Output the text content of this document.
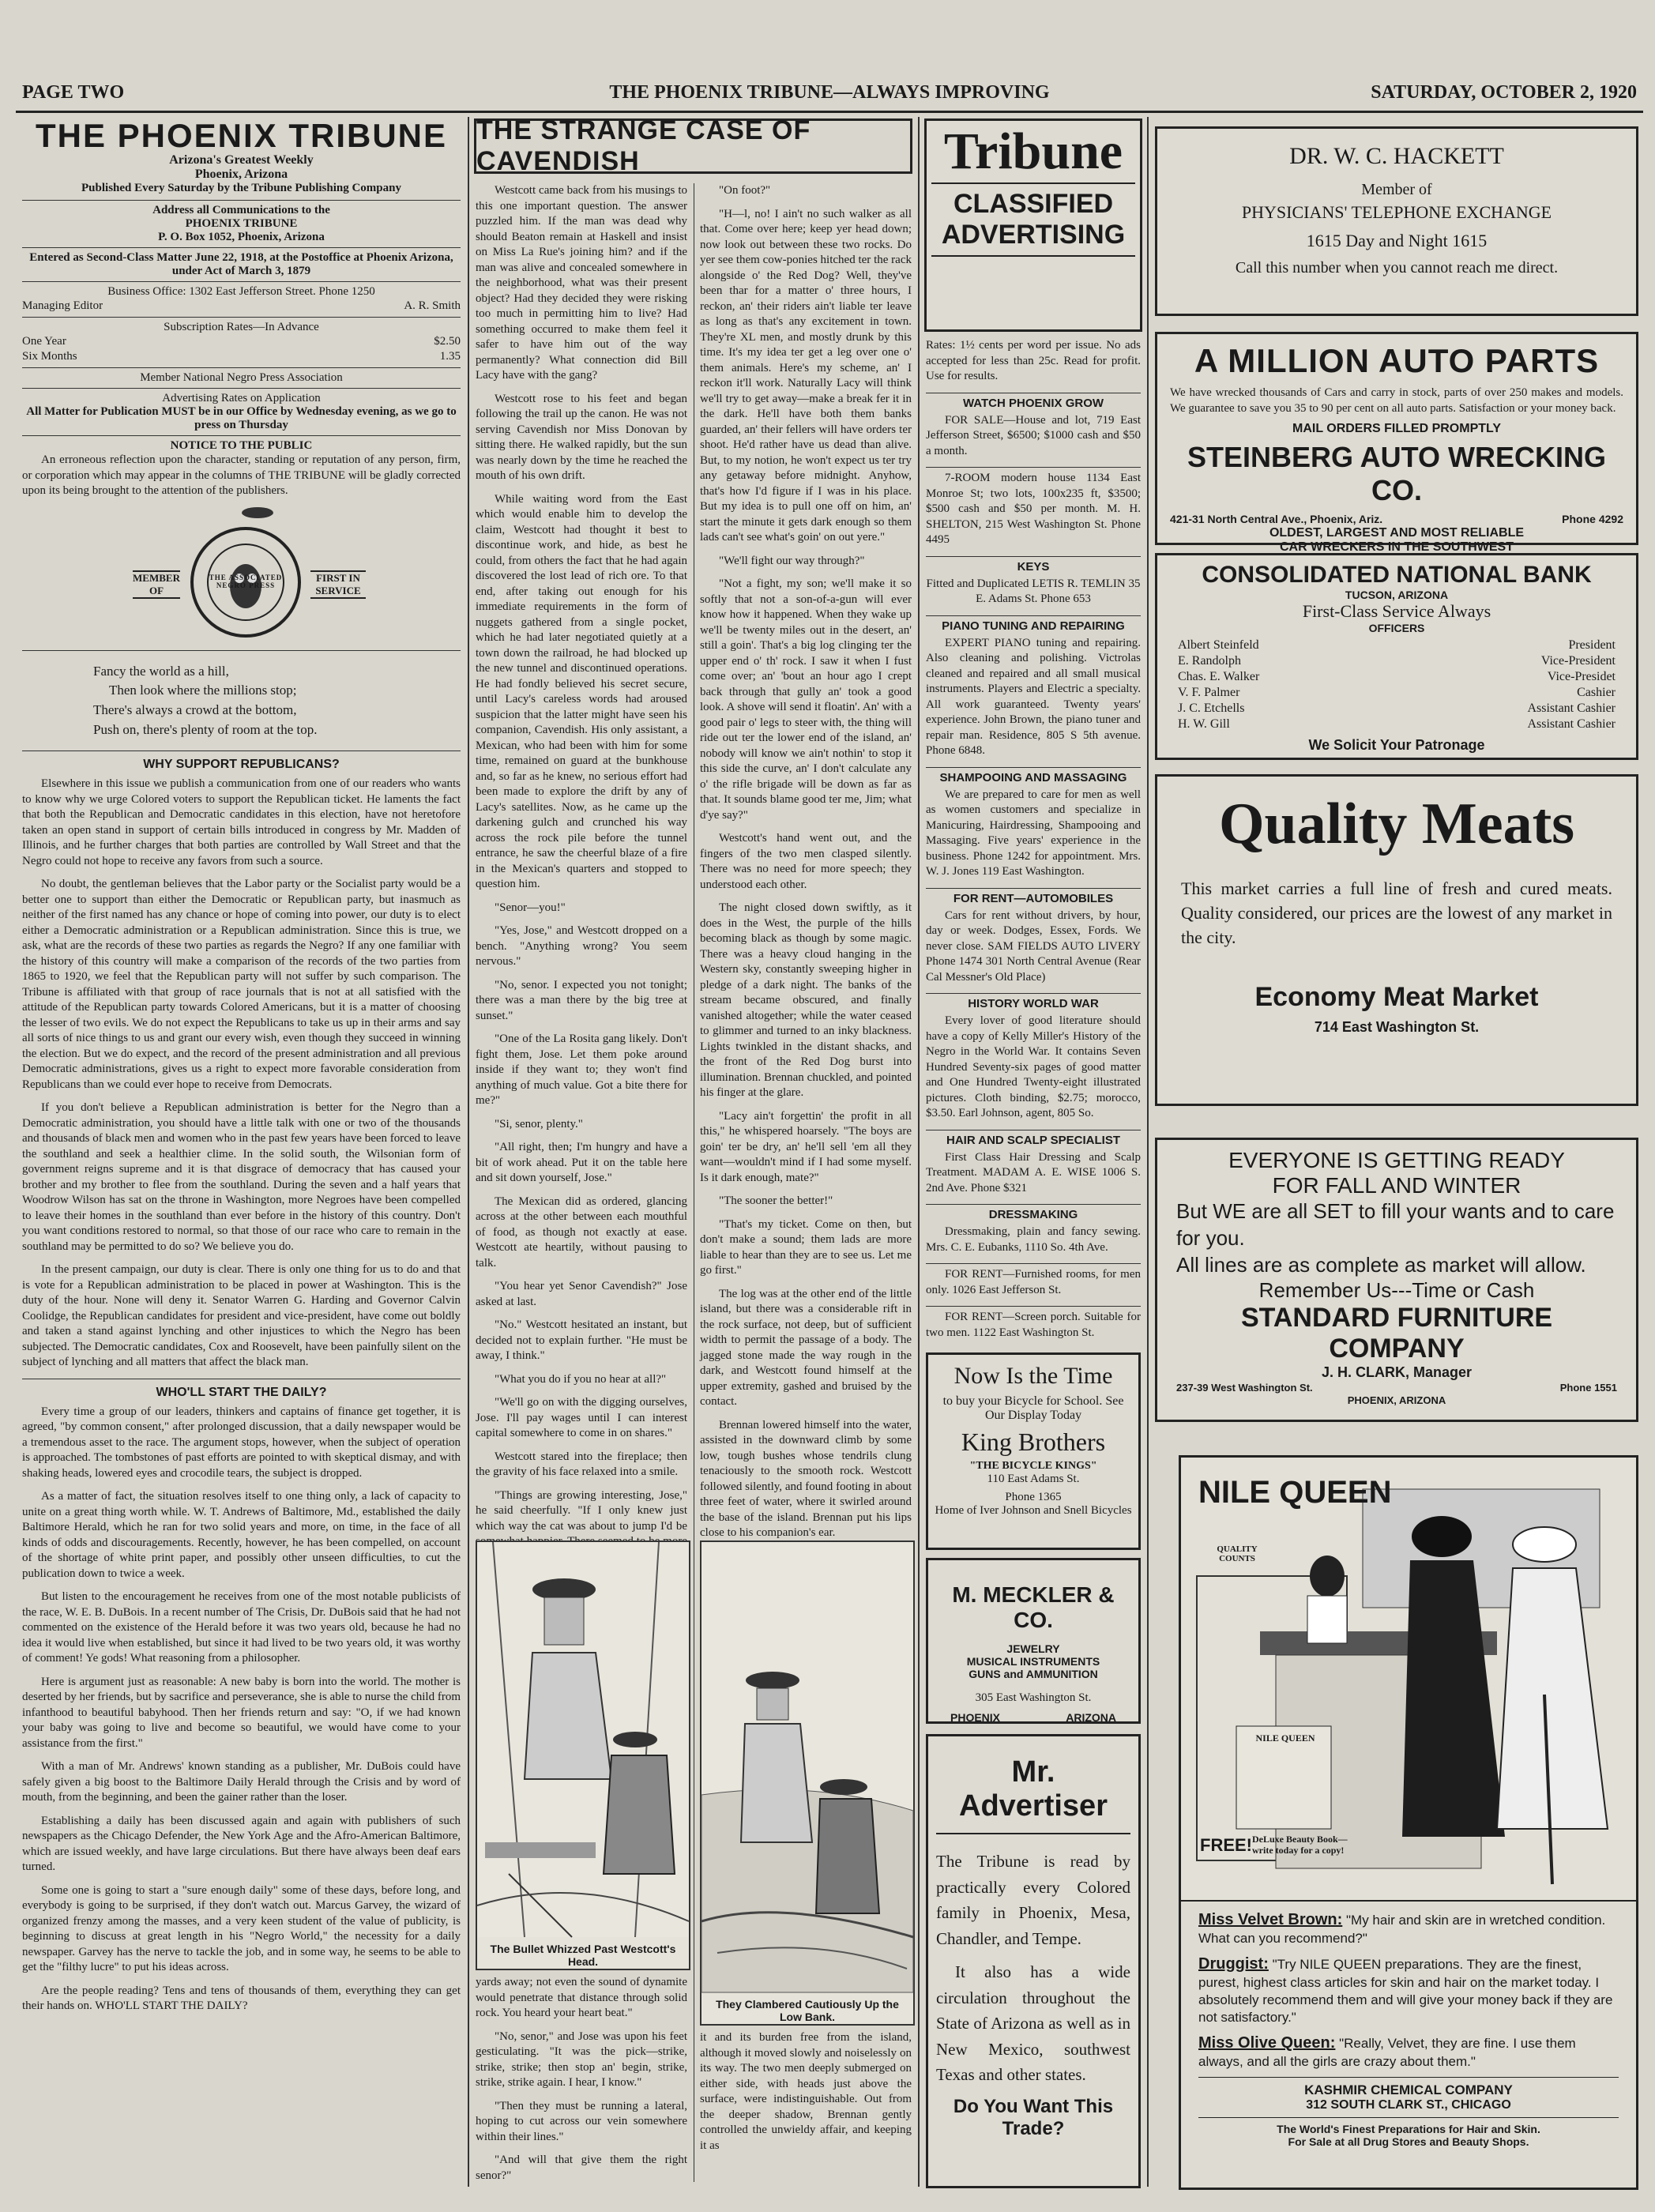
PAGE TWO	THE PHOENIX TRIBUNE—ALWAYS IMPROVING	SATURDAY, OCTOBER 2, 1920
THE PHOENIX TRIBUNE
Arizona's Greatest Weekly
Phoenix, Arizona
Published Every Saturday by the Tribune Publishing Company
Address all Communications to the
PHOENIX TRIBUNE
P. O. Box 1052, Phoenix, Arizona
Entered as Second-Class Matter June 22, 1918, at the Postoffice at Phoenix Arizona, under Act of March 3, 1879
Business Office: 1302 East Jefferson Street. Phone 1250
Managing Editor	A. R. Smith
Subscription Rates—In Advance
One Year	$2.50
Six Months	1.35
Member National Negro Press Association
Advertising Rates on Application
All Matter for Publication MUST be in our Office by Wednesday evening, as we go to press on Thursday
NOTICE TO THE PUBLIC

An erroneous reflection upon the character, standing or reputation of any person, firm, or corporation which may appear in the columns of THE TRIBUNE will be gladly corrected upon its being brought to the attention of the publishers.

THE ASSOCIATED NEGRO PRESS
MEMBER OF
FIRST IN SERVICE
Fancy the world as a hill,
Then look where the millions stop;
There's always a crowd at the bottom,
Push on, there's plenty of room at the top.
WHY SUPPORT REPUBLICANS?

Elsewhere in this issue we publish a communication from one of our readers who wants to know why we urge Colored voters to support the Republican ticket. He laments the fact that both the Republican and Democratic candidates in this election, have not heretofore taken an open stand in support of certain bills introduced in congress by Mr. Madden of Illinois, and he further charges that both parties are controlled by Wall Street and that the Negro could not hope to receive any favors from such a source.

No doubt, the gentleman believes that the Labor party or the Socialist party would be a better one to support than either the Democratic or Republican party, but inasmuch as neither of the first named has any chance or hope of coming into power, our duty is to elect either a Democratic administration or a Republican administration. Since this is true, we ask, what are the records of these two parties as regards the Negro? If any one familiar with the history of this country will make a comparison of the records of the two parties from 1865 to 1920, we feel that the Republican party will not suffer by such comparison. The Tribune is affiliated with that group of race journals that is not at all satisfied with the attitude of the Republican party towards Colored Americans, but it is a matter of choosing the lesser of two evils. We do not expect the Republicans to take us up in their arms and say all sorts of nice things to us and grant our every wish, even though they succeed in winning the election. But we do expect, and the record of the present administration and all previous Democratic administrations, gives us a right to expect more favorable consideration from Republicans than we could ever hope to receive from Democrats.

If you don't believe a Republican administration is better for the Negro than a Democratic administration, you should have a little talk with one or two of the thousands and thousands of black men and women who in the past few years have been forced to leave the southland and seek a healthier clime. In the solid south, the Wilsonian form of government reigns supreme and it is that disgrace of democracy that has caused your brother and my brother to flee from the southland. During the seven and a half years that Woodrow Wilson has sat on the throne in Washington, more Negroes have been compelled to leave their homes in the southland than ever before in the history of this country. Don't you want conditions restored to normal, so that those of our race who care to remain in the southland may be permitted to do so? We believe you do.

In the present campaign, our duty is clear. There is only one thing for us to do and that is vote for a Republican administration to be placed in power at Washington. This is the duty of the hour. None will deny it. Senator Warren G. Harding and Governor Calvin Coolidge, the Republican candidates for president and vice-president, have come out boldly and taken a stand against lynching and other injustices to which the Negro has been subjected. The Democratic candidates, Cox and Roosevelt, have been painfully silent on the subject of lynching and all matters that affect the black man.

WHO'LL START THE DAILY?

Every time a group of our leaders, thinkers and captains of finance get together, it is agreed, "by common consent," after prolonged discussion, that a daily newspaper would be a tremendous asset to the race. The argument stops, however, when the subject of operation is approached. The tombstones of past efforts are pointed to with skeptical dismay, and with shaking heads, lowered eyes and crocodile tears, the subject is dropped.

As a matter of fact, the situation resolves itself to one thing only, a lack of capacity to unite on a great thing worth while. W. T. Andrews of Baltimore, Md., established the daily Baltimore Herald, which he ran for two solid years and more, on time, in the face of all kinds of odds and discouragements. Recently, however, he has been compelled, on account of the shortage of white print paper, and possibly other unseen difficulties, to cut the publication down to twice a week.

But listen to the encouragement he receives from one of the most notable publicists of the race, W. E. B. DuBois. In a recent number of The Crisis, Dr. DuBois said that he had not commented on the existence of the Herald before it was two years old, because he had no idea it would live when established, but since it had lived to be two years old, it was worthy of comment! Ye gods! What reasoning from a philosopher.

Here is argument just as reasonable: A new baby is born into the world. The mother is deserted by her friends, but by sacrifice and perseverance, she is able to nurse the child from infanthood to beautiful babyhood. Then her friends return and say: "O, if we had known your baby was going to live and become so beautiful, we would have come to your assistance from the first."

With a man of Mr. Andrews' known standing as a publisher, Mr. DuBois could have safely given a big boost to the Baltimore Daily Herald through the Crisis and by word of mouth, from the beginning, and been the gainer rather than the loser.

Establishing a daily has been discussed again and again with publishers of such newspapers as the Chicago Defender, the New York Age and the Afro-American Baltimore, which are issued weekly, and have large circulations. But there have always been deaf ears turned.

Some one is going to start a "sure enough daily" some of these days, before long, and everybody is going to be surprised, if they don't watch out. Marcus Garvey, the wizard of organized frenzy among the masses, and a very keen student of the value of publicity, is beginning to discuss at great length in his "Negro World," the necessity for a daily newspaper. Garvey has the nerve to tackle the job, and in some way, he seems to be able to get the "filthy lucre" to put his ideas across.

Are the people reading? Tens and tens of thousands of them, everything they can get their hands on. WHO'LL START THE DAILY?

THE STRANGE CASE OF CAVENDISH

Westcott came back from his musings to this one important question. The answer puzzled him. If the man was dead why should Beaton remain at Haskell and insist on Miss La Rue's joining him? and if the man was alive and concealed somewhere in the neighborhood, what was their present object? Had they decided they were risking too much in permitting him to live? Had something occurred to make them feel it safer to have him out of the way permanently? What connection did Bill Lacy have with the gang?

Westcott rose to his feet and began following the trail up the canon. He was not serving Cavendish nor Miss Donovan by sitting there. He walked rapidly, but the sun was nearly down by the time he reached the mouth of his own drift.

While waiting word from the East which would enable him to develop the claim, Westcott had thought it best to discontinue work, and hide, as best he could, from others the fact that he had again discovered the lost lead of rich ore. To that end, after taking out enough for his immediate requirements in the form of nuggets gathered from a single pocket, which he had later negotiated quietly at a town down the railroad, he had blocked up the new tunnel and discontinued operations. He had fondly believed his secret secure, until Lacy's careless words had aroused suspicion that the latter might have seen his companion, Cavendish. His only assistant, a Mexican, who had been with him for some time, remained on guard at the bunkhouse and, so far as he knew, no serious effort had been made to explore the drift by any of Lacy's satellites. Now, as he came up the darkening gulch and crunched his way across the rock pile before the tunnel entrance, he saw the cheerful blaze of a fire in the Mexican's quarters and stopped to question him.

"Senor—you!"

"Yes, Jose," and Westcott dropped on a bench. "Anything wrong? You seem nervous."

"No, senor. I expected you not tonight; there was a man there by the big tree at sunset."

"One of the La Rosita gang likely. Don't fight them, Jose. Let them poke around inside if they want to; they won't find anything of much value. Got a bite there for me?"

"Si, senor, plenty."

"All right, then; I'm hungry and have a bit of work ahead. Put it on the table here and sit down yourself, Jose."

The Mexican did as ordered, glancing across at the other between each mouthful of food, as though not exactly at ease. Westcott ate heartily, without pausing to talk.

"You hear yet Senor Cavendish?" Jose asked at last.

"No." Westcott hesitated an instant, but decided not to explain further. "He must be away, I think."

"What you do if you no hear at all?"

"We'll go on with the digging ourselves, Jose. I'll pay wages until I can interest capital somewhere to come in on shares."

Westcott stared into the fireplace; then the gravity of his face relaxed into a smile.

"Things are growing interesting, Jose," he said cheerfully. "If I only knew just which way the cat was about to jump I'd be

"On foot?"

"H—l, no! I ain't no such walker as all that. Come over here; keep yer head down; now look out between these two rocks. Do yer see them cow-ponies hitched ter the rack alongside o' the Red Dog? Well, they've been thar for a matter o' three hours, I reckon, an' their riders ain't liable ter leave as long as that's any excitement in town. They're XL men, and mostly drunk by this time. It's my idea ter get a leg over one o' them animals. Here's my scheme, an' I reckon it'll work. Naturally Lacy will think we'll try to get away—make a break fer it in the dark. He'll have both them banks guarded, an' their fellers will have orders ter shoot. He'd rather have us dead than alive. But, to my notion, he won't expect us ter try any getaway before midnight. Anyhow, that's how I'd figure if I was in his place. But my idea is to pull one off on him, an' start the minute it gets dark enough so them lads can't see what's goin' on out yere."

"We'll fight our way through?"

"Not a fight, my son; we'll make it so softly that not a son-of-a-gun will ever know how it happened. When they wake up we'll be twenty miles out in the desert, an' still a goin'. That's a big log clinging ter the upper end o' th' rock. I saw it when I fust come over; an' 'bout an hour ago I crept back through that gully an' took a good look. A shove will send it floatin'. An' with a good pair o' legs to steer with, the thing will ride out ter the lower end of the island, an' nobody will know we ain't nothin' to stop it this side the curve, an' I don't calculate any o' the rifle brigade will be down as far as that. It sounds blame good ter me, Jim; what d'ye say?"

Westcott's hand went out, and the fingers of the two men clasped silently. There was no need for more speech; they understood each other.

The night closed down swiftly, as it does in the West, the purple of the hills becoming black as though by some magic. There was a heavy cloud hanging in the Western sky, constantly sweeping higher in pledge of a dark night. The banks of the stream became obscured, and finally vanished altogether; while the water ceased to glimmer and turned to an inky blackness. Lights twinkled in the distant shacks, and the front of the Red Dog burst into illumination. Brennan chuckled, and pointed his finger at the glare.

"Lacy ain't forgettin' the profit in all this," he whispered hoarsely. "The boys are goin' ter be dry, an' he'll sell 'em all they want—wouldn't mind if I had some myself. Is it dark enough, mate?"

"The sooner the better!"

"That's my ticket. Come on then, but don't make a sound; them lads are more liable to hear than they are to see us. Let me go first."

The log was at the other end of the little island, but there was a considerable rift in the rock surface, not deep, but of sufficient width to permit the passage of a body. The jagged stone made the way rough in the dark, and Westcott found himself at the upper extremity, gashed and bruised by the contact.

Brennan lowered himself into the water, assisted in the downward climb by some low, tough bushes whose tendrils clung tenaciously to the smooth rock. Westcott followed silently, and found footing in about three feet of water, where it swirled around the base of the island. Brennan put his lips close to his companion's ear.

The Bullet Whizzed Past Westcott's Head.
They Clambered Cautiously Up the Low Bank.

yards away; not even the sound of dynamite would penetrate that distance through solid rock. You heard your heart beat."

"No, senor," and Jose was upon his feet gesticulating. "It was the pick—strike, strike, strike; then stop an' begin, strike, strike, strike again. I hear, I know."

"Then they must be running a lateral, hoping to cut across our vein somewhere within their lines."

"And will that give them the right senor?"

it and its burden free from the island, although it moved slowly and noiselessly on its way. The two men deeply submerged on either side, with heads just above the surface, were indistinguishable. Out from the deeper shadow, Brennan gently controlled the unwieldy affair, and keeping it as

Tribune
CLASSIFIED
ADVERTISING

Rates: 1½ cents per word per issue. No ads accepted for less than 25c. Read for profit. Use for results.

WATCH PHOENIX GROW

FOR SALE—House and lot, 719 East Jefferson Street, $6500; $1000 cash and $50 a month.

7-ROOM modern house 1134 East Monroe St; two lots, 100x235 ft, $3500; $500 cash and $50 per month. M. H. SHELTON, 215 West Washington St. Phone 4495

KEYS

Fitted and Duplicated LETIS R. TEMLIN 35 E. Adams St. Phone 653

PIANO TUNING AND REPAIRING

EXPERT PIANO tuning and repairing. Also cleaning and polishing. Victrolas cleaned and repaired and all small musical instruments. Players and Electric a specialty. All work guaranteed. Twenty years' experience. John Brown, the piano tuner and repair man. Residence, 805 S 5th avenue. Phone 6848.

SHAMPOOING AND MASSAGING

We are prepared to care for men as well as women customers and specialize in Manicuring, Hairdressing, Shampooing and Massaging. Five years' experience in the business. Phone 1242 for appointment. Mrs. W. J. Jones 119 East Washington.

FOR RENT—AUTOMOBILES

Cars for rent without drivers, by hour, day or week. Dodges, Essex, Fords. We never close. SAM FIELDS AUTO LIVERY Phone 1474 301 North Central Avenue (Rear Cal Messner's Old Place)

HISTORY WORLD WAR

Every lover of good literature should have a copy of Kelly Miller's History of the Negro in the World War. It contains Seven Hundred Seventy-six pages of good matter and One Hundred Twenty-eight illustrated pictures. Cloth binding, $2.75; morocco, $3.50. Earl Johnson, agent, 805 So.

HAIR AND SCALP SPECIALIST

First Class Hair Dressing and Scalp Treatment. MADAM A. E. WISE 1006 S. 2nd Ave. Phone $321

DRESSMAKING

Dressmaking, plain and fancy sewing. Mrs. C. E. Eubanks, 1110 So. 4th Ave.

FOR RENT—Furnished rooms, for men only. 1026 East Jefferson St.

FOR RENT—Screen porch. Suitable for two men. 1122 East Washington St.

Now Is the Time
to buy your Bicycle for School. See Our Display Today
King Brothers
"THE BICYCLE KINGS"
110 East Adams St.
Phone 1365
Home of Iver Johnson and Snell Bicycles
M. MECKLER & CO.
JEWELRY
MUSICAL INSTRUMENTS
GUNS and AMMUNITION
305 East Washington St.
PHOENIX	ARIZONA
Mr. Advertiser

The Tribune is read by practically every Colored family in Phoenix, Mesa, Chandler, and Tempe.

It also has a wide circulation throughout the State of Arizona as well as in New Mexico, southwest Texas and other states.

Do You Want This Trade?
DR. W. C. HACKETT
Member of
PHYSICIANS' TELEPHONE EXCHANGE
1615 Day and Night 1615
Call this number when you cannot reach me direct.
A MILLION AUTO PARTS

We have wrecked thousands of Cars and carry in stock, parts of over 250 makes and models. We guarantee to save you 35 to 90 per cent on all auto parts. Satisfaction or your money back.

MAIL ORDERS FILLED PROMPTLY
STEINBERG AUTO WRECKING CO.
421-31 North Central Ave., Phoenix, Ariz.	Phone 4292
OLDEST, LARGEST AND MOST RELIABLE
CAR WRECKERS IN THE SOUTHWEST
CONSOLIDATED NATIONAL BANK
TUCSON, ARIZONA
First-Class Service Always
OFFICERS
Albert Steinfeld	President
E. Randolph	Vice-President
Chas. E. Walker	Vice-Presidet
V. F. Palmer	Cashier
J. C. Etchells	Assistant Cashier
H. W. Gill	Assistant Cashier
We Solicit Your Patronage
Quality Meats

This market carries a full line of fresh and cured meats. Quality considered, our prices are the lowest of any market in the city.

Economy Meat Market
714 East Washington St.
EVERYONE IS GETTING READY
FOR FALL AND WINTER
But WE are all SET to fill your wants and to care for you.
All lines are as complete as market will allow.
Remember Us---Time or Cash
STANDARD FURNITURE COMPANY
J. H. CLARK, Manager
237-39 West Washington St.	Phone 1551
PHOENIX, ARIZONA
NILE QUEEN
QUALITY COUNTS
NILE QUEEN
FREE! DeLuxe Beauty Book—write today for a copy!
Miss Velvet Brown: "My hair and skin are in wretched condition. What can you recommend?"
Druggist: "Try NILE QUEEN preparations. They are the finest, purest, highest class articles for skin and hair on the market today. I absolutely recommend them and will give your money back if they are not satisfactory."
Miss Olive Queen: "Really, Velvet, they are fine. I use them always, and all the girls are crazy about them."
KASHMIR CHEMICAL COMPANY
312 SOUTH CLARK ST., CHICAGO
The World's Finest Preparations for Hair and Skin.
For Sale at all Drug Stores and Beauty Shops.
